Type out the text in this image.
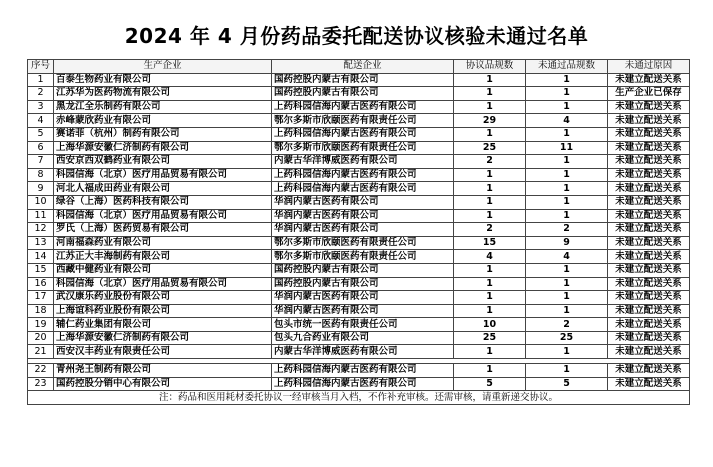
2024 年 4 月份药品委托配送协议核验未通过名单
序号	生产企业	配送企业	协议品规数	未通过品规数	未通过原因
1	百泰生物药业有限公司	国药控股内蒙古有限公司	1	1	未建立配送关系
2	江苏华为医药物流有限公司	国药控股内蒙古有限公司	1	1	生产企业已保存
3	黑龙江全乐制药有限公司	上药科园信海内蒙古医药有限公司	1	1	未建立配送关系
4	赤峰蒙欣药业有限公司	鄂尔多斯市欣颐医药有限责任公司	29	4	未建立配送关系
5	赛诺菲（杭州）制药有限公司	上药科园信海内蒙古医药有限公司	1	1	未建立配送关系
6	上海华源安徽仁济制药有限公司	鄂尔多斯市欣颐医药有限责任公司	25	11	未建立配送关系
7	西安京西双鹤药业有限公司	内蒙古华洋博威医药有限公司	2	1	未建立配送关系
8	科园信海（北京）医疗用品贸易有限公司	上药科园信海内蒙古医药有限公司	1	1	未建立配送关系
9	河北人福成田药业有限公司	上药科园信海内蒙古医药有限公司	1	1	未建立配送关系
10	绿谷（上海）医药科技有限公司	华润内蒙古医药有限公司	1	1	未建立配送关系
11	科园信海（北京）医疗用品贸易有限公司	华润内蒙古医药有限公司	1	1	未建立配送关系
12	罗氏（上海）医药贸易有限公司	华润内蒙古医药有限公司	2	2	未建立配送关系
13	河南福森药业有限公司	鄂尔多斯市欣颐医药有限责任公司	15	9	未建立配送关系
14	江苏正大丰海制药有限公司	鄂尔多斯市欣颐医药有限责任公司	4	4	未建立配送关系
15	西藏中健药业有限公司	国药控股内蒙古有限公司	1	1	未建立配送关系
16	科园信海（北京）医疗用品贸易有限公司	国药控股内蒙古有限公司	1	1	未建立配送关系
17	武汉康乐药业股份有限公司	华润内蒙古医药有限公司	1	1	未建立配送关系
18	上海谊科药业股份有限公司	华润内蒙古医药有限公司	1	1	未建立配送关系
19	辅仁药业集团有限公司	包头市统一医药有限责任公司	10	2	未建立配送关系
20	上海华源安徽仁济制药有限公司	包头九合药业有限公司	25	25	未建立配送关系
21	西安汉丰药业有限责任公司	内蒙古华洋博威医药有限公司	1	1	未建立配送关系

22	青州尧王制药有限公司	上药科园信海内蒙古医药有限公司	1	1	未建立配送关系
23	国药控股分销中心有限公司	上药科园信海内蒙古医药有限公司	5	5	未建立配送关系
注：药品和医用耗材委托协议一经审核当月入档，不作补充审核。还需审核，请重新递交协议。					
